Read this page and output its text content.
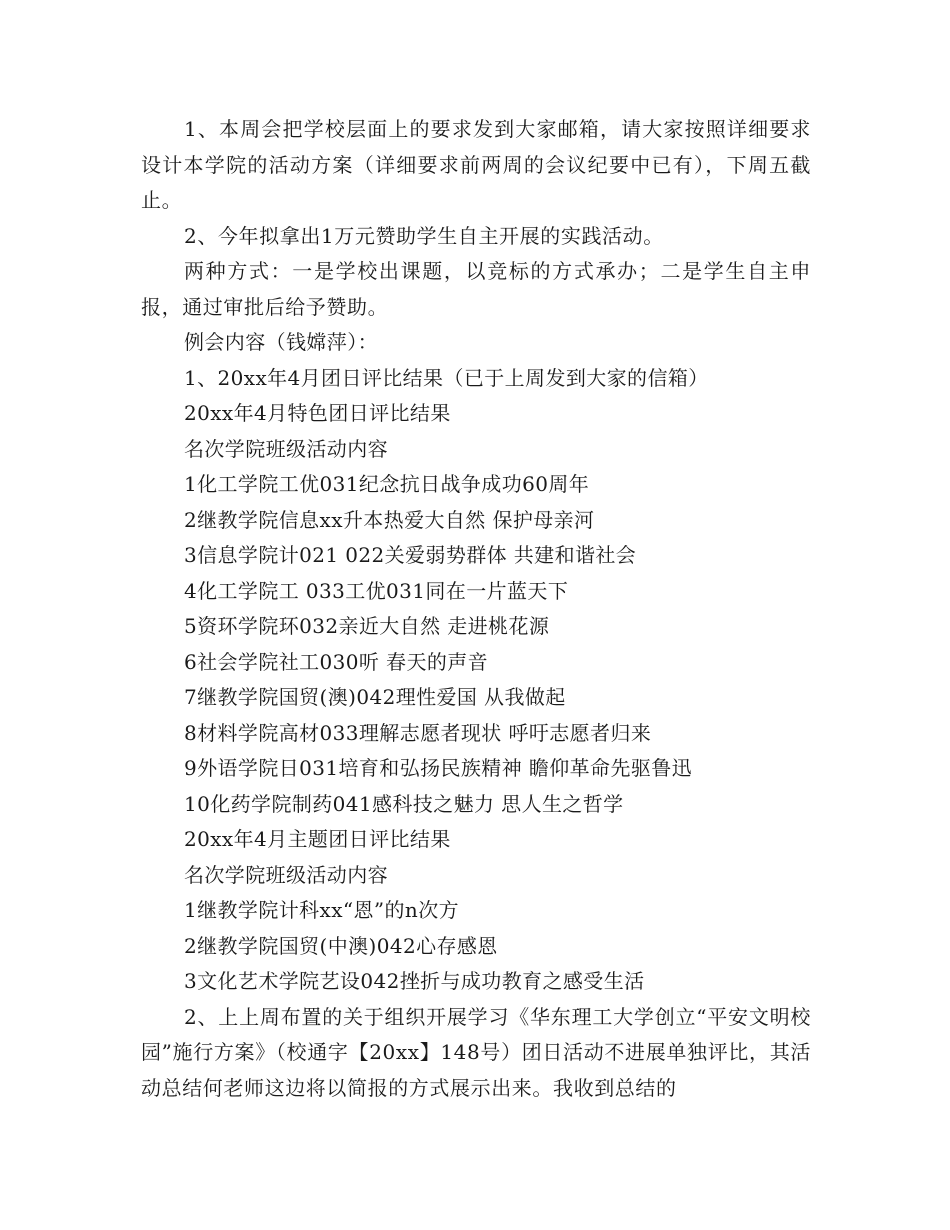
1、本周会把学校层面上的要求发到大家邮箱，请大家按照详细要求设计本学院的活动方案（详细要求前两周的会议纪要中已有），下周五截止。

2、今年拟拿出1万元赞助学生自主开展的实践活动。

两种方式：一是学校出课题，以竞标的方式承办；二是学生自主申报，通过审批后给予赞助。

例会内容（钱嫦萍）：

1、20xx年4月团日评比结果（已于上周发到大家的信箱）

20xx年4月特色团日评比结果

名次学院班级活动内容

1化工学院工优031纪念抗日战争成功60周年

2继教学院信息xx升本热爱大自然 保护母亲河

3信息学院计021 022关爱弱势群体 共建和谐社会

4化工学院工 033工优031同在一片蓝天下

5资环学院环032亲近大自然 走进桃花源

6社会学院社工030听 春天的声音

7继教学院国贸(澳)042理性爱国 从我做起

8材料学院高材033理解志愿者现状 呼吁志愿者归来

9外语学院日031培育和弘扬民族精神 瞻仰革命先驱鲁迅

10化药学院制药041感科技之魅力 思人生之哲学

20xx年4月主题团日评比结果

名次学院班级活动内容

1继教学院计科xx“恩”的n次方

2继教学院国贸(中澳)042心存感恩

3文化艺术学院艺设042挫折与成功教育之感受生活

2、上上周布置的关于组织开展学习《华东理工大学创立“平安文明校园”施行方案》（校通字【20xx】148号）团日活动不进展单独评比，其活动总结何老师这边将以简报的方式展示出来。我收到总结的
